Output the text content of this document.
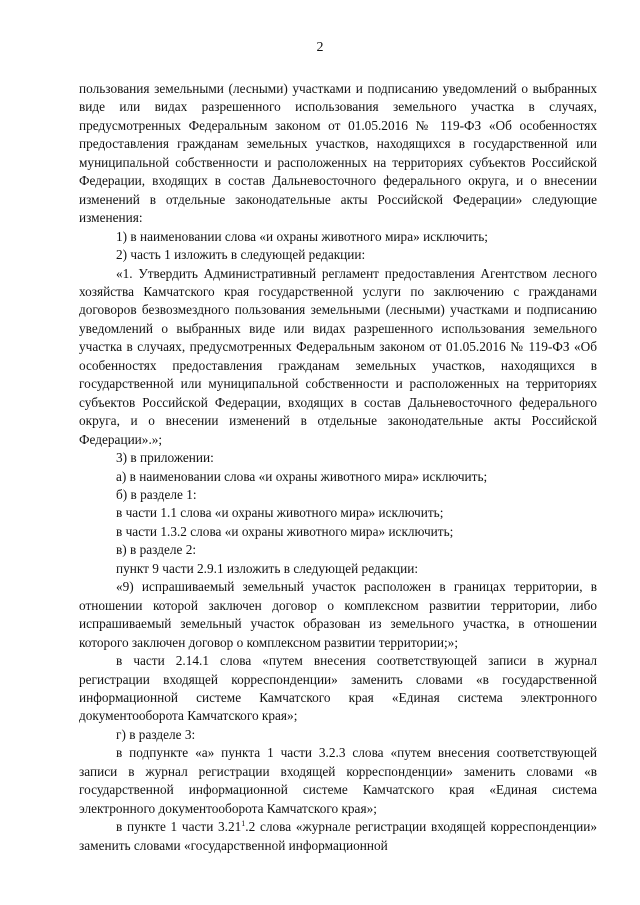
2

пользования земельными (лесными) участками и подписанию уведомлений о выбранных виде или видах разрешенного использования земельного участка в случаях, предусмотренных Федеральным законом от 01.05.2016 № 119-ФЗ «Об особенностях предоставления гражданам земельных участков, находящихся в государственной или муниципальной собственности и расположенных на территориях субъектов Российской Федерации, входящих в состав Дальневосточного федерального округа, и о внесении изменений в отдельные законодательные акты Российской Федерации» следующие изменения:

1) в наименовании слова «и охраны животного мира» исключить;

2) часть 1 изложить в следующей редакции:

«1. Утвердить Административный регламент предоставления Агентством лесного хозяйства Камчатского края государственной услуги по заключению с гражданами договоров безвозмездного пользования земельными (лесными) участками и подписанию уведомлений о выбранных виде или видах разрешенного использования земельного участка в случаях, предусмотренных Федеральным законом от 01.05.2016 № 119-ФЗ «Об особенностях предоставления гражданам земельных участков, находящихся в государственной или муниципальной собственности и расположенных на территориях субъектов Российской Федерации, входящих в состав Дальневосточного федерального округа, и о внесении изменений в отдельные законодательные акты Российской Федерации».»;

3) в приложении:

а) в наименовании слова «и охраны животного мира» исключить;

б) в разделе 1:

в части 1.1 слова «и охраны животного мира» исключить;

в части 1.3.2 слова «и охраны животного мира» исключить;

в) в разделе 2:

пункт 9 части 2.9.1 изложить в следующей редакции:

«9) испрашиваемый земельный участок расположен в границах территории, в отношении которой заключен договор о комплексном развитии территории, либо испрашиваемый земельный участок образован из земельного участка, в отношении которого заключен договор о комплексном развитии территории;»;

в части 2.14.1 слова «путем внесения соответствующей записи в журнал регистрации входящей корреспонденции» заменить словами «в государственной информационной системе Камчатского края «Единая система электронного документооборота Камчатского края»;

г) в разделе 3:

в подпункте «а» пункта 1 части 3.2.3 слова «путем внесения соответствующей записи в журнал регистрации входящей корреспонденции» заменить словами «в государственной информационной системе Камчатского края «Единая система электронного документооборота Камчатского края»;

в пункте 1 части 3.21$^1$.2 слова «журнале регистрации входящей корреспонденции» заменить словами «государственной информационной
